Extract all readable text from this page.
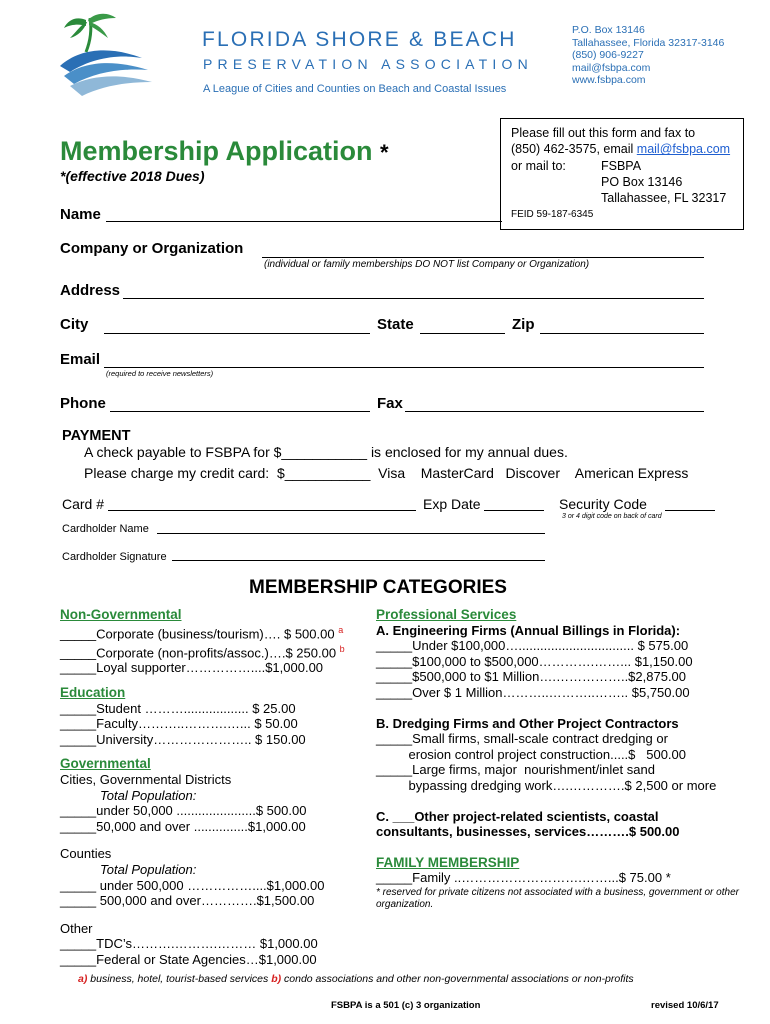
FLORIDA SHORE & BEACH
PRESERVATION ASSOCIATION
A League of Cities and Counties on Beach and Coastal Issues
P.O. Box 13146
Tallahassee, Florida 32317-3146
(850) 906-9227
mail@fsbpa.com
www.fsbpa.com
Please fill out this form and fax to
(850) 462-3575, email mail@fsbpa.com
or mail to:	FSBPA
PO Box 13146
Tallahassee, FL 32317
FEID 59-187-6345
Membership Application *
*(effective 2018 Dues)
Name
Company or Organization
(individual or family memberships DO NOT list Company or Organization)
Address
City	State	Zip
Email
(required to receive newsletters)
Phone	Fax
PAYMENT
A check payable to FSBPA for $___________ is enclosed for my annual dues.
Please charge my credit card:  $___________  Visa    MasterCard   Discover    American Express
Card #	Exp Date	Security Code
3 or 4 digit code on back of card
Cardholder Name
Cardholder Signature
MEMBERSHIP CATEGORIES
Non-Governmental
_____Corporate (business/tourism)…. $ 500.00 $^a$
_____Corporate (non-profits/assoc.)….$ 250.00 $^b$
_____Loyal supporter……………....$1,000.00
Education
_____Student ……….................. $ 25.00
_____Faculty………..……….…... $ 50.00
_____University………………….. $ 150.00
Governmental
Cities, Governmental Districts
Total Population:
_____under 50,000 ......................$ 500.00
_____50,000 and over ...............$1,000.00
Counties
Total Population:
_____ under 500,000 ……………....$1,000.00
_____ 500,000 and over………….$1,500.00
Other
_____TDC’s……….……….……… $1,000.00
_____Federal or State Agencies…$1,000.00
Professional Services
A. Engineering Firms (Annual Billings in Florida):
_____Under $100,000…................................ $ 575.00
_____$100,000 to $500,000………….……... $1,150.00
_____$500,000 to $1 Million….……………..$2,875.00
_____Over $ 1 Million………..………..…….. $5,750.00
B. Dredging Firms and Other Project Contractors
_____Small firms, small-scale contract dredging or
erosion control project construction.....$   500.00
_____Large firms, major  nourishment/inlet sand
bypassing dredging work….………….$ 2,500 or more
C. ___Other project-related scientists, coastal
consultants, businesses, services……….$ 500.00
FAMILY MEMBERSHIP
_____Family ..……………………….……...$ 75.00 *
* reserved for private citizens not associated with a business, government or other organization.
a) business, hotel, tourist-based services b) condo associations and other non-governmental associations or non-profits
FSBPA is a 501 (c) 3 organization	revised 10/6/17
